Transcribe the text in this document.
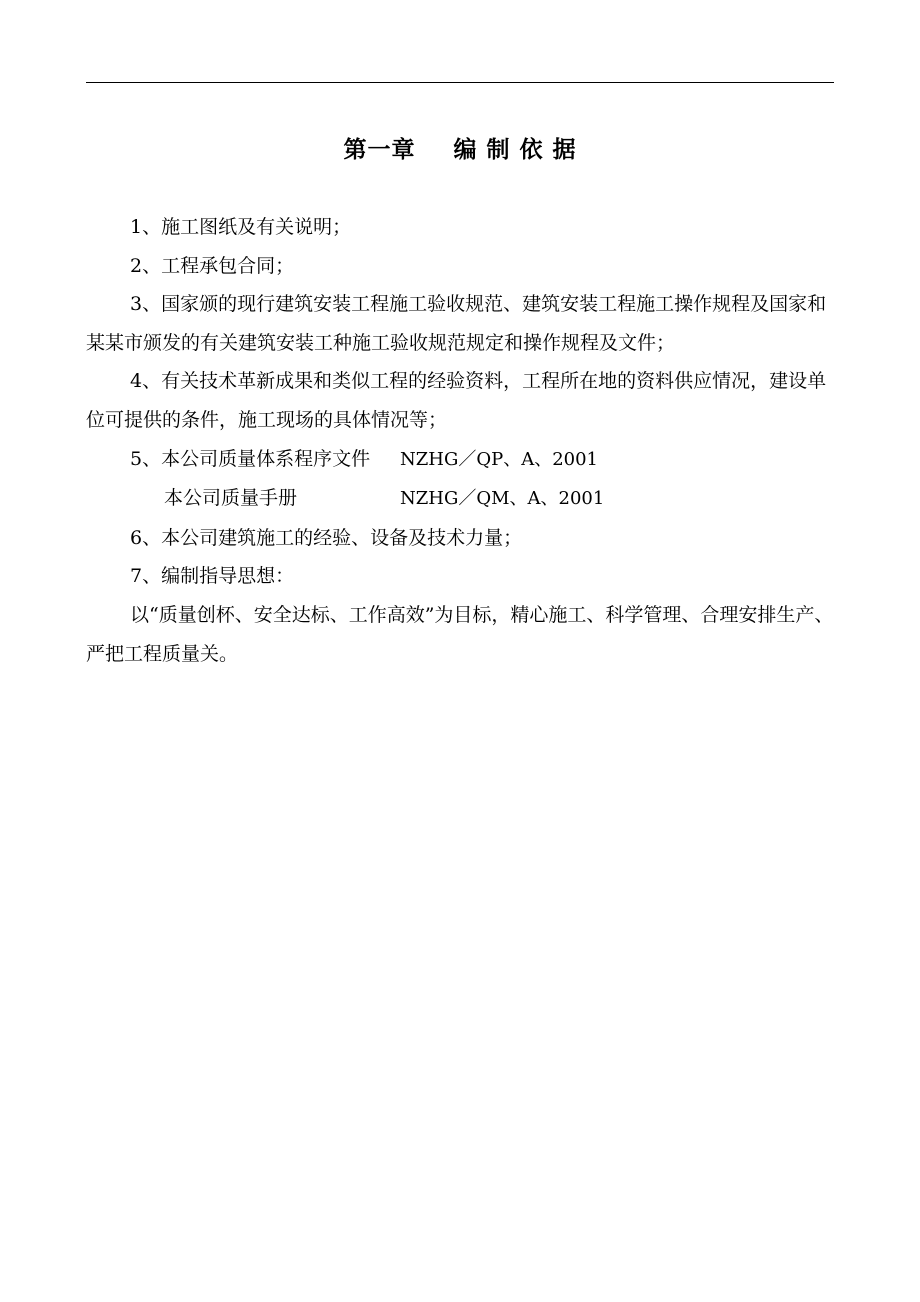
第一章 编 制 依 据

1、施工图纸及有关说明；

2、工程承包合同；

3、国家颁的现行建筑安装工程施工验收规范、建筑安装工程施工操作规程及国家和某某市颁发的有关建筑安装工种施工验收规范规定和操作规程及文件；

4、有关技术革新成果和类似工程的经验资料，工程所在地的资料供应情况，建设单位可提供的条件，施工现场的具体情况等；

5、本公司质量体系程序文件 NZHG／QP、A、2001
本公司质量手册	NZHG／QM、A、2001

6、本公司建筑施工的经验、设备及技术力量；

7、编制指导思想：

以“质量创杯、安全达标、工作高效”为目标，精心施工、科学管理、合理安排生产、严把工程质量关。
